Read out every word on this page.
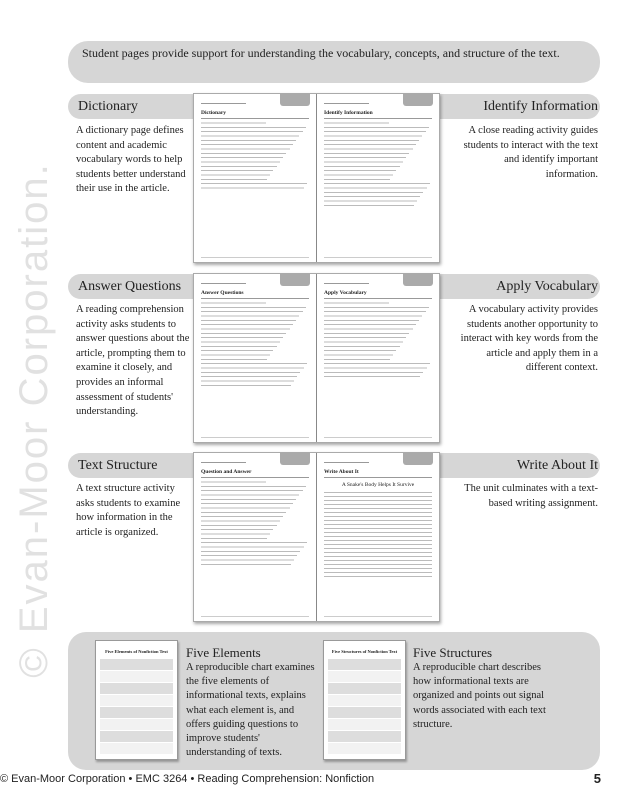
© Evan-Moor Corporation.
Student pages provide support for understanding the vocabulary, concepts, and structure of the text.
Dictionary	Identify Information
A dictionary page defines content and academic vocabulary words to help students better understand their use in the article.
A close reading activity guides students to interact with the text and identify important information.
Dictionary	Identify Information
Answer Questions	Apply Vocabulary
A reading comprehension activity asks students to answer questions about the article, prompting them to examine it closely, and provides an informal assessment of students' understanding.
A vocabulary activity provides students another opportunity to interact with key words from the article and apply them in a different context.
Answer Questions	Apply Vocabulary
Text Structure	Write About It
A text structure activity asks students to examine how information in the article is organized.
The unit culminates with a text-based writing assignment.
Question and Answer	Write About It
A Snake's Body Helps It Survive
Five Elements of Nonfiction Text	Five Elements
A reproducible chart examines the five elements of informational texts, explains what each element is, and offers guiding questions to improve students' understanding of texts.
Five Structures of Nonfiction Text	Five Structures
A reproducible chart describes how informational texts are organized and points out signal words associated with each text structure.
© Evan-Moor Corporation • EMC 3264 • Reading Comprehension: Nonfiction	5
